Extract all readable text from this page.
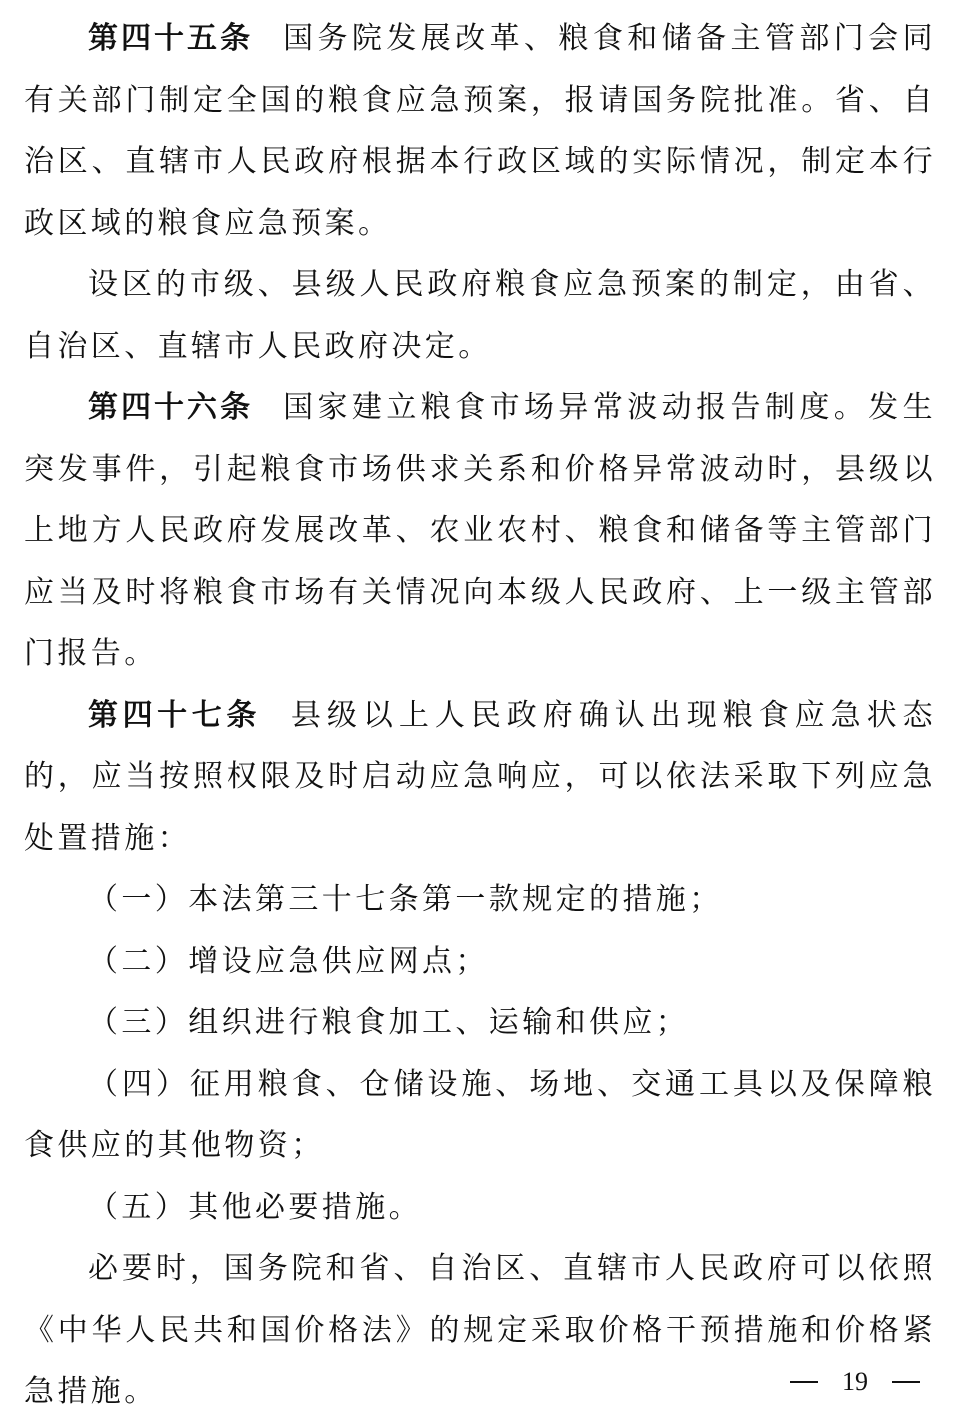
第四十五条 国务院发展改革、粮食和储备主管部门会同有关部门制定全国的粮食应急预案，报请国务院批准。省、自治区、直辖市人民政府根据本行政区域的实际情况，制定本行政区域的粮食应急预案。

设区的市级、县级人民政府粮食应急预案的制定，由省、自治区、直辖市人民政府决定。

第四十六条 国家建立粮食市场异常波动报告制度。发生突发事件，引起粮食市场供求关系和价格异常波动时，县级以上地方人民政府发展改革、农业农村、粮食和储备等主管部门应当及时将粮食市场有关情况向本级人民政府、上一级主管部门报告。

第四十七条 县级以上人民政府确认出现粮食应急状态的，应当按照权限及时启动应急响应，可以依法采取下列应急处置措施：

（一）本法第三十七条第一款规定的措施；

（二）增设应急供应网点；

（三）组织进行粮食加工、运输和供应；

（四）征用粮食、仓储设施、场地、交通工具以及保障粮食供应的其他物资；

（五）其他必要措施。

必要时，国务院和省、自治区、直辖市人民政府可以依照《中华人民共和国价格法》的规定采取价格干预措施和价格紧急措施。	19
